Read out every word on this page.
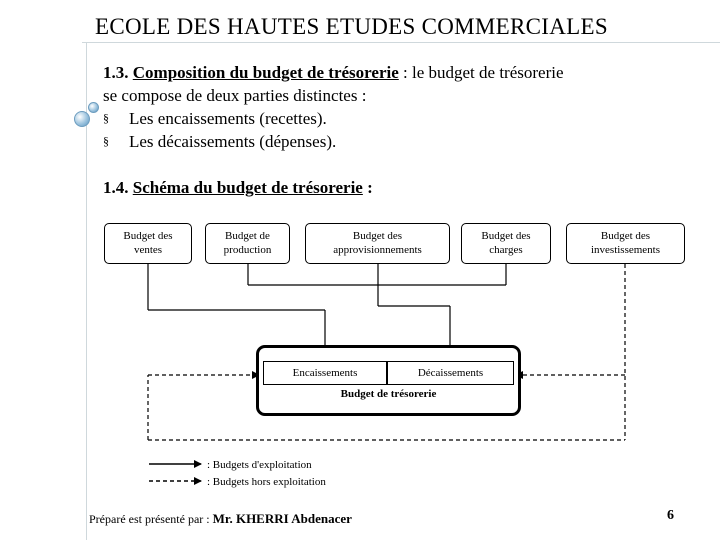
ECOLE DES HAUTES ETUDES COMMERCIALES
1.3. Composition du budget de trésorerie : le budget de trésorerie
se compose de deux parties distinctes :
§ Les encaissements (recettes).
§ Les décaissements (dépenses).
1.4. Schéma du budget de trésorerie :
Budget des
ventes
Budget de
production
Budget des
approvisionnements
Budget des
charges
Budget des
investissements
Encaissements	Décaissements
Budget de trésorerie
: Budgets d'exploitation
: Budgets hors exploitation
Préparé est présenté par : Mr. KHERRI Abdenacer	6
